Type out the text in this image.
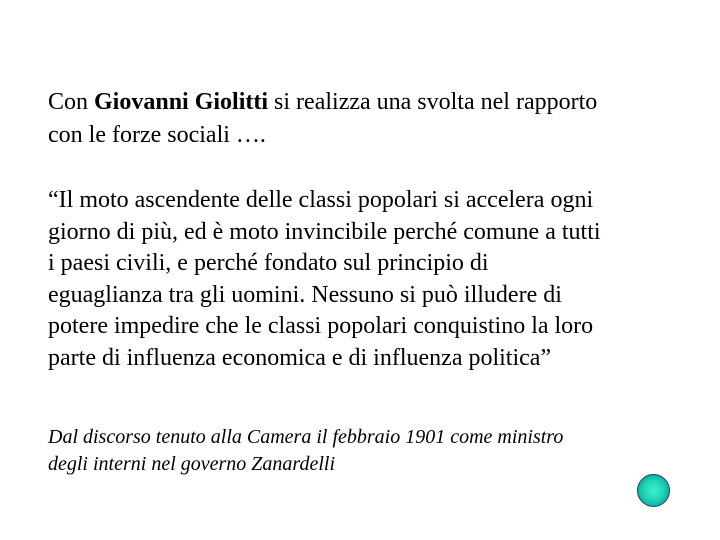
Con Giovanni Giolitti si realizza una svolta nel rapporto
con le forze sociali ….

“Il moto ascendente delle classi popolari si accelera ogni
giorno di più, ed è moto invincibile perché comune a tutti
i paesi civili, e perché fondato sul principio di
eguaglianza tra gli uomini. Nessuno si può illudere di
potere impedire che le classi popolari conquistino la loro
parte di influenza economica e di influenza politica”

Dal discorso tenuto alla Camera il febbraio 1901 come ministro
degli interni nel governo Zanardelli
